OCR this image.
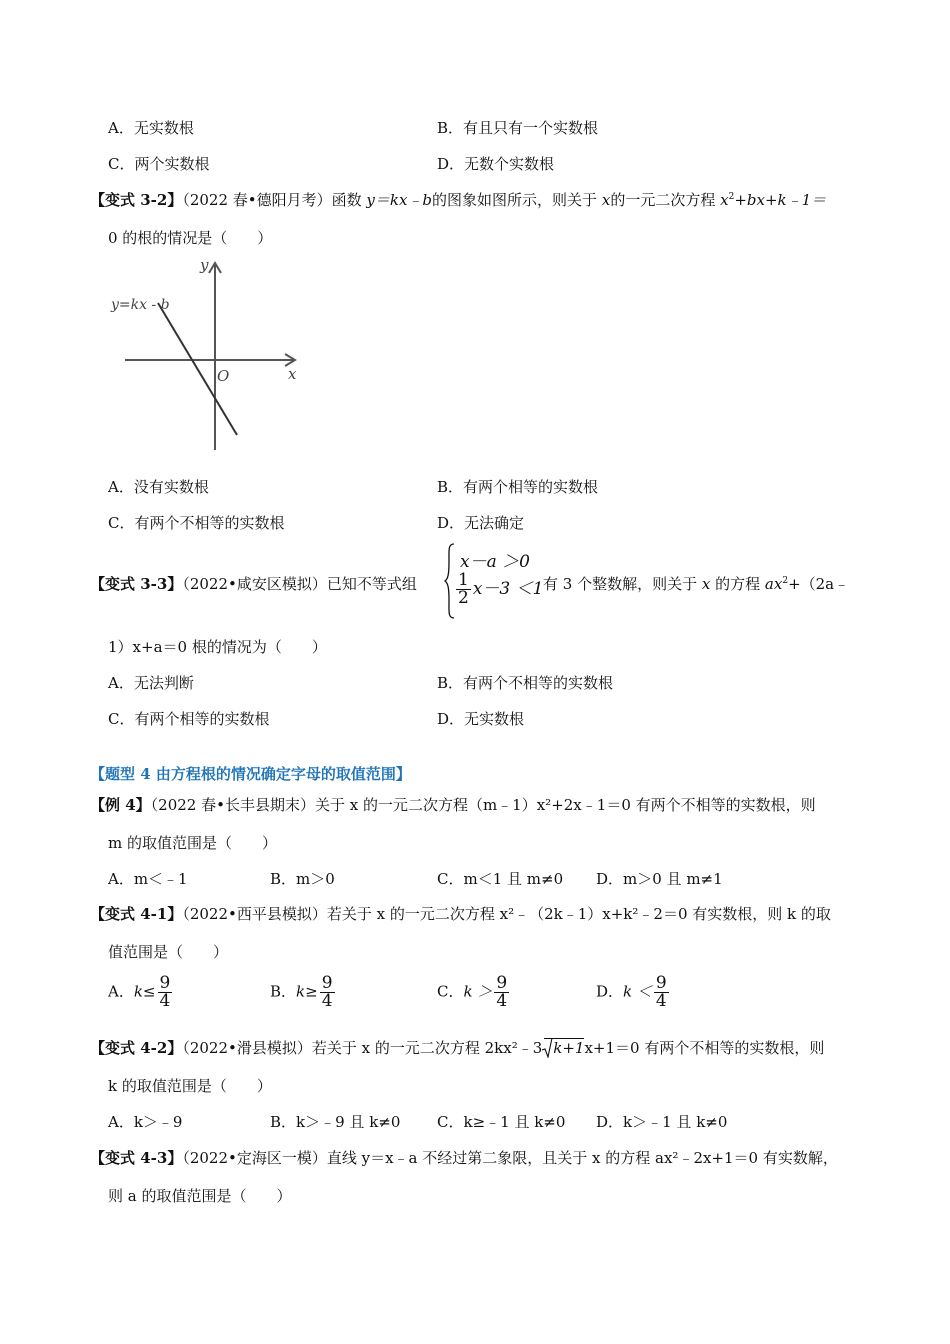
A．无实数根	B．有且只有一个实数根
C．两个实数根	D．无数个实数根
【变式 3-2】（2022 春•德阳月考）函数 y＝kx﹣b的图象如图所示，则关于 x的一元二次方程 $x^2+bx+k﹣1=$
0 的根的情况是（　　）
y=kx - b
y
x
O
A．没有实数根	B．有两个相等的实数根
C．有两个不相等的实数根	D．无法确定
【变式 3-3】（2022•咸安区模拟）已知不等式组
x－a ＞0
$\frac{1}{2} x-3 <1$ 有 3 个整数解，则关于 x 的方程 $ax^2+(2a﹣$
1）x+a＝0 根的情况为（　　）
A．无法判断	B．有两个不相等的实数根
C．有两个相等的实数根	D．无实数根
【题型 4 由方程根的情况确定字母的取值范围】
【例 4】（2022 春•长丰县期末）关于 x 的一元二次方程（m﹣1）x²+2x﹣1＝0 有两个不相等的实数根，则
m 的取值范围是（　　）
A．m＜﹣1	B．m＞0	C．m＜1 且 m≠0 D．m＞0 且 m≠1
【变式 4-1】（2022•西平县模拟）若关于 x 的一元二次方程 x²﹣（2k﹣1）x+k²﹣2＝0 有实数根，则 k 的取
值范围是（　　）
A．$k\le \frac{9}{4}$	B．$k\ge \frac{9}{4}$	C．$k > \frac{9}{4}$	D．$k < \frac{9}{4}$
【变式 4-2】（2022•滑县模拟）若关于 x 的一元二次方程 2kx²﹣3 k+1x+1＝0 有两个不相等的实数根，则
k 的取值范围是（　　）
A．k＞﹣9	B．k＞﹣9 且 k≠0 C．k≥﹣1 且 k≠0 D．k＞﹣1 且 k≠0
【变式 4-3】（2022•定海区一模）直线 y＝x﹣a 不经过第二象限，且关于 x 的方程 ax²﹣2x+1＝0 有实数解，
则 a 的取值范围是（　　）
